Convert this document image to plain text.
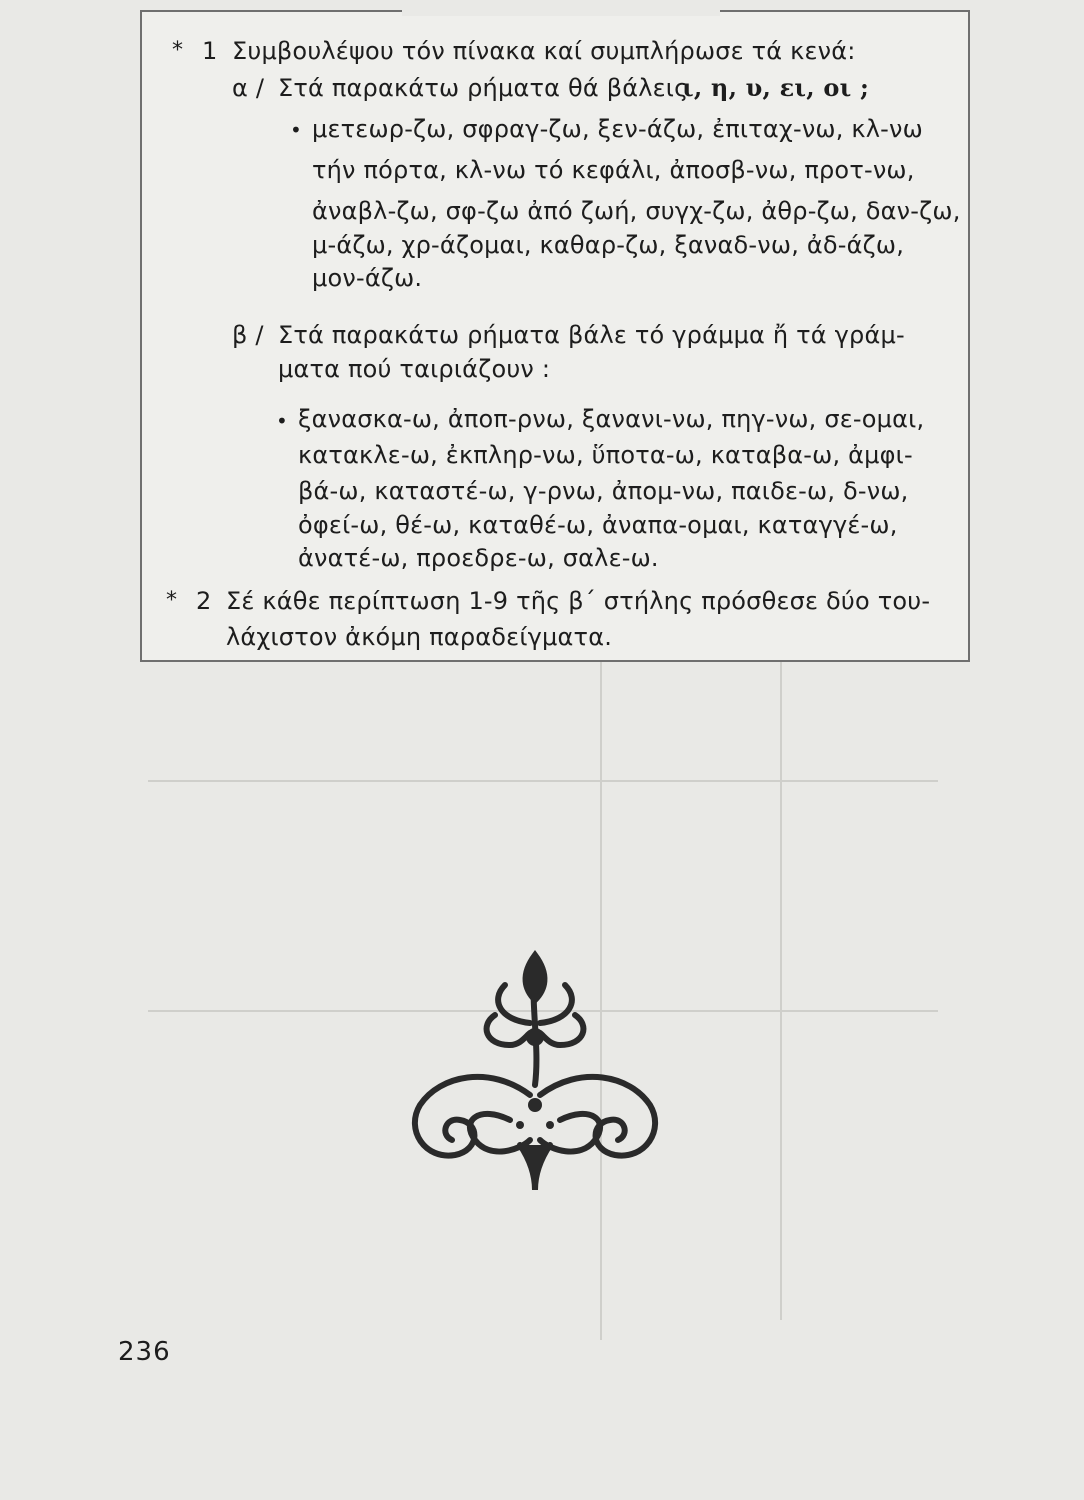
* 1 Συμβουλέψου τόν πίνακα καί συμπλήρωσε τά κενά:
α / Στά παρακάτω ρήματα θά βάλεις
ι, η, υ, ει, οι ;
• μετεωρ-ζω, σφραγ-ζω, ξεν-άζω, ἐπιταχ-νω, κλ-νω
τήν πόρτα, κλ-νω τό κεφάλι, ἀποσβ-νω, προτ-νω,
ἀναβλ-ζω, σφ-ζω ἀπό ζωή, συγχ-ζω, ἀθρ-ζω, δαν-ζω,
μ-άζω, χρ-άζομαι, καθαρ-ζω, ξαναδ-νω, ἀδ-άζω,
μον-άζω.
β / Στά παρακάτω ρήματα βάλε τό γράμμα ἤ τά γράμ-
ματα πού ταιριάζουν :
• ξανασκα-ω, ἀποπ-ρνω, ξανανι-νω, πηγ-νω, σε-ομαι,
κατακλε-ω, ἐκπληρ-νω, ὕποτα-ω, καταβα-ω, ἀμφι-
βά-ω, καταστέ-ω, γ-ρνω, ἀπομ-νω, παιδε-ω, δ-νω,
ὀφεί-ω, θέ-ω, καταθέ-ω, ἀναπα-ομαι, καταγγέ-ω,
ἀνατέ-ω, προεδρε-ω, σαλε-ω.
* 2 Σέ κάθε περίπτωση 1-9 τῆς β΄ στήλης πρόσθεσε δύο του-
λάχιστον ἀκόμη παραδείγματα.
236
